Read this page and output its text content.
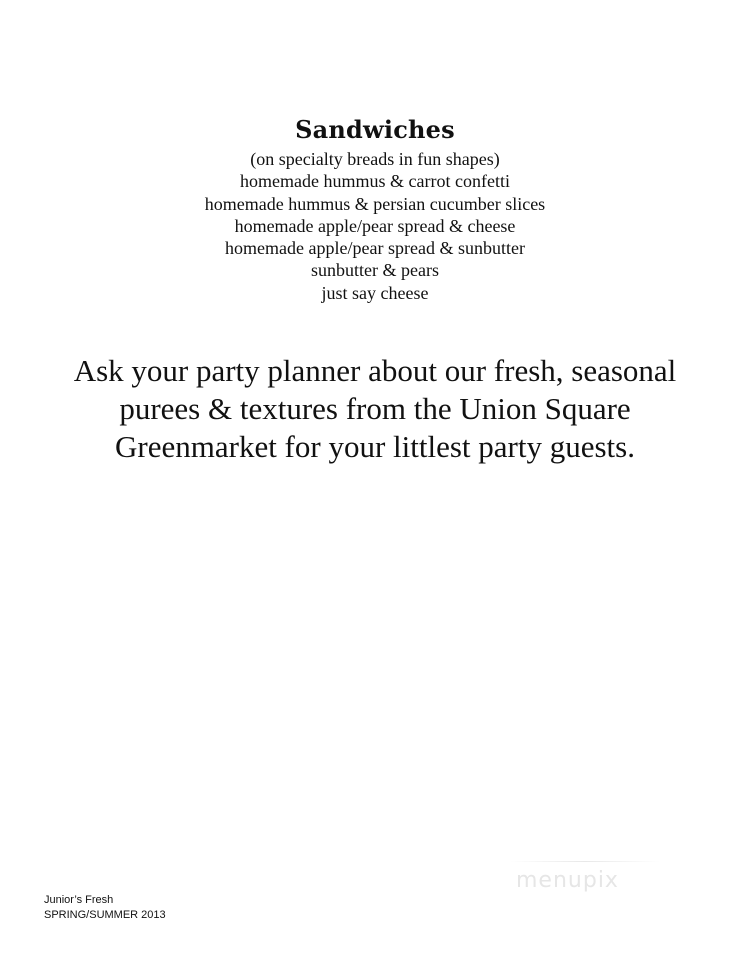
Sandwiches
(on specialty breads in fun shapes)
homemade hummus & carrot confetti
homemade hummus & persian cucumber slices
homemade apple/pear spread & cheese
homemade apple/pear spread & sunbutter
sunbutter & pears
just say cheese
Ask your party planner about our fresh, seasonal
purees & textures from the Union Square
Greenmarket for your littlest party guests.
menupix
Junior’s Fresh
SPRING/SUMMER 2013
